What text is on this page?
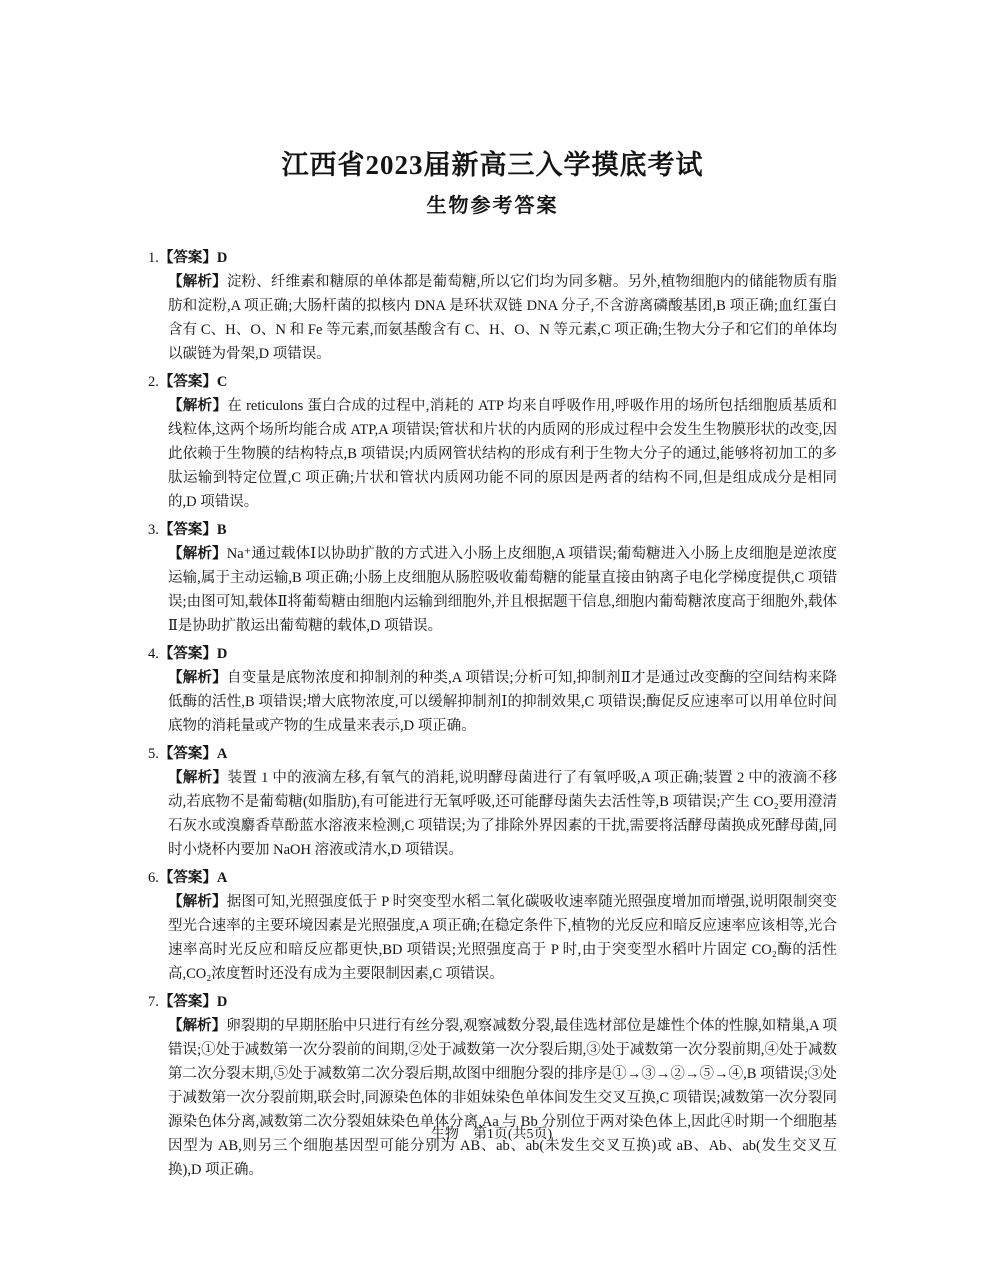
江西省2023届新高三入学摸底考试
生物参考答案

1.【答案】D

【解析】淀粉、纤维素和糖原的单体都是葡萄糖,所以它们均为同多糖。另外,植物细胞内的储能物质有脂肪和淀粉,A 项正确;大肠杆菌的拟核内 DNA 是环状双链 DNA 分子,不含游离磷酸基团,B 项正确;血红蛋白含有 C、H、O、N 和 Fe 等元素,而氨基酸含有 C、H、O、N 等元素,C 项正确;生物大分子和它们的单体均以碳链为骨架,D 项错误。

2.【答案】C

【解析】在 reticulons 蛋白合成的过程中,消耗的 ATP 均来自呼吸作用,呼吸作用的场所包括细胞质基质和线粒体,这两个场所均能合成 ATP,A 项错误;管状和片状的内质网的形成过程中会发生生物膜形状的改变,因此依赖于生物膜的结构特点,B 项错误;内质网管状结构的形成有利于生物大分子的通过,能够将初加工的多肽运输到特定位置,C 项正确;片状和管状内质网功能不同的原因是两者的结构不同,但是组成成分是相同的,D 项错误。

3.【答案】B

【解析】Na⁺通过载体Ⅰ以协助扩散的方式进入小肠上皮细胞,A 项错误;葡萄糖进入小肠上皮细胞是逆浓度运输,属于主动运输,B 项正确;小肠上皮细胞从肠腔吸收葡萄糖的能量直接由钠离子电化学梯度提供,C 项错误;由图可知,载体Ⅱ将葡萄糖由细胞内运输到细胞外,并且根据题干信息,细胞内葡萄糖浓度高于细胞外,载体Ⅱ是协助扩散运出葡萄糖的载体,D 项错误。

4.【答案】D

【解析】自变量是底物浓度和抑制剂的种类,A 项错误;分析可知,抑制剂Ⅱ才是通过改变酶的空间结构来降低酶的活性,B 项错误;增大底物浓度,可以缓解抑制剂Ⅰ的抑制效果,C 项错误;酶促反应速率可以用单位时间底物的消耗量或产物的生成量来表示,D 项正确。

5.【答案】A

【解析】装置 1 中的液滴左移,有氧气的消耗,说明酵母菌进行了有氧呼吸,A 项正确;装置 2 中的液滴不移动,若底物不是葡萄糖(如脂肪),有可能进行无氧呼吸,还可能酵母菌失去活性等,B 项错误;产生 CO₂要用澄清石灰水或溴麝香草酚蓝水溶液来检测,C 项错误;为了排除外界因素的干扰,需要将活酵母菌换成死酵母菌,同时小烧杯内要加 NaOH 溶液或清水,D 项错误。

6.【答案】A

【解析】据图可知,光照强度低于 P 时突变型水稻二氧化碳吸收速率随光照强度增加而增强,说明限制突变型光合速率的主要环境因素是光照强度,A 项正确;在稳定条件下,植物的光反应和暗反应速率应该相等,光合速率高时光反应和暗反应都更快,BD 项错误;光照强度高于 P 时,由于突变型水稻叶片固定 CO₂酶的活性高,CO₂浓度暂时还没有成为主要限制因素,C 项错误。

7.【答案】D

【解析】卵裂期的早期胚胎中只进行有丝分裂,观察减数分裂,最佳选材部位是雄性个体的性腺,如精巢,A 项错误;①处于减数第一次分裂前的间期,②处于减数第一次分裂后期,③处于减数第一次分裂前期,④处于减数第二次分裂末期,⑤处于减数第二次分裂后期,故图中细胞分裂的排序是①→③→②→⑤→④,B 项错误;③处于减数第一次分裂前期,联会时,同源染色体的非姐妹染色单体间发生交叉互换,C 项错误;减数第一次分裂同源染色体分离,减数第二次分裂姐妹染色单体分离,Aa 与 Bb 分别位于两对染色体上,因此④时期一个细胞基因型为 AB,则另三个细胞基因型可能分别为 AB、ab、ab(未发生交叉互换)或 aB、Ab、ab(发生交叉互换),D 项正确。

生物　第1页(共5页)
